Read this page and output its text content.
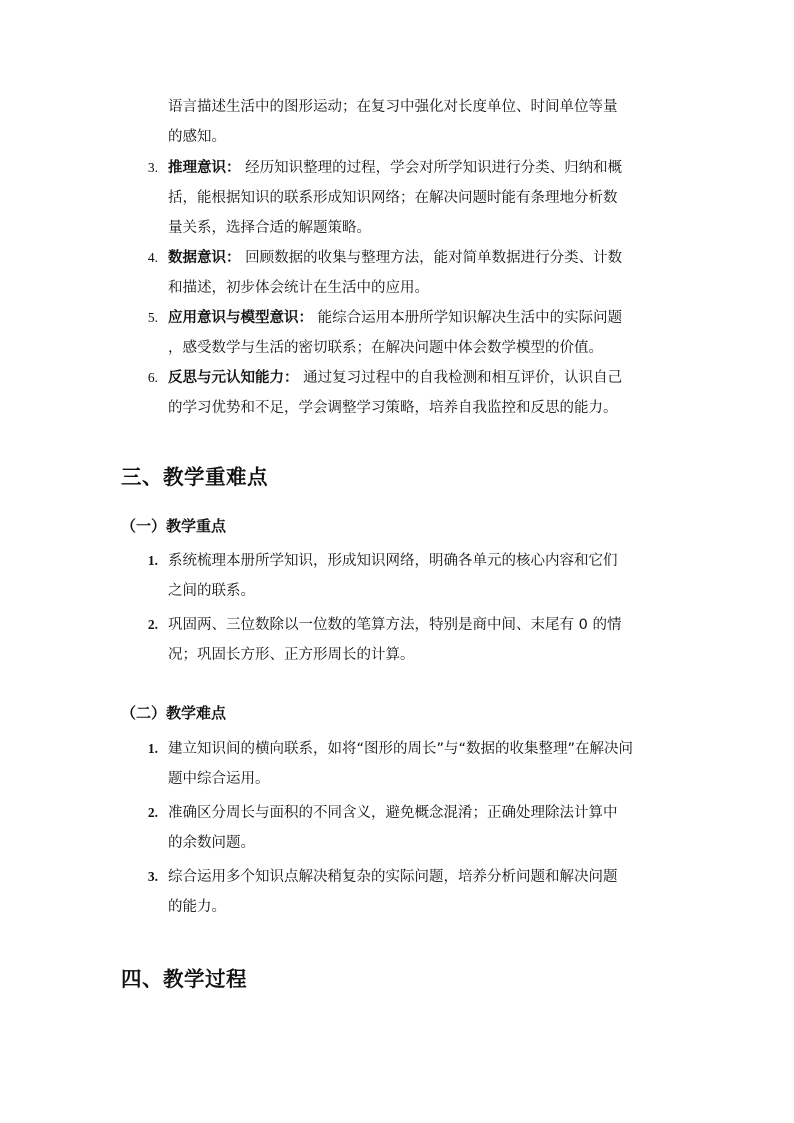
语言描述生活中的图形运动；在复习中强化对长度单位、时间单位等量
的感知。
3. 推理意识： 经历知识整理的过程，学会对所学知识进行分类、归纳和概
括，能根据知识的联系形成知识网络；在解决问题时能有条理地分析数
量关系，选择合适的解题策略。
4. 数据意识： 回顾数据的收集与整理方法，能对简单数据进行分类、计数
和描述，初步体会统计在生活中的应用。
5. 应用意识与模型意识： 能综合运用本册所学知识解决生活中的实际问题
，感受数学与生活的密切联系；在解决问题中体会数学模型的价值。
6. 反思与元认知能力： 通过复习过程中的自我检测和相互评价，认识自己
的学习优势和不足，学会调整学习策略，培养自我监控和反思的能力。
三、教学重难点
（一）教学重点
1. 系统梳理本册所学知识，形成知识网络，明确各单元的核心内容和它们
之间的联系。
2. 巩固两、三位数除以一位数的笔算方法，特别是商中间、末尾有 0 的情
况；巩固长方形、正方形周长的计算。
（二）教学难点
1. 建立知识间的横向联系，如将“图形的周长”与“数据的收集整理”在解决问
题中综合运用。
2. 准确区分周长与面积的不同含义，避免概念混淆；正确处理除法计算中
的余数问题。
3. 综合运用多个知识点解决稍复杂的实际问题，培养分析问题和解决问题
的能力。
四、教学过程
